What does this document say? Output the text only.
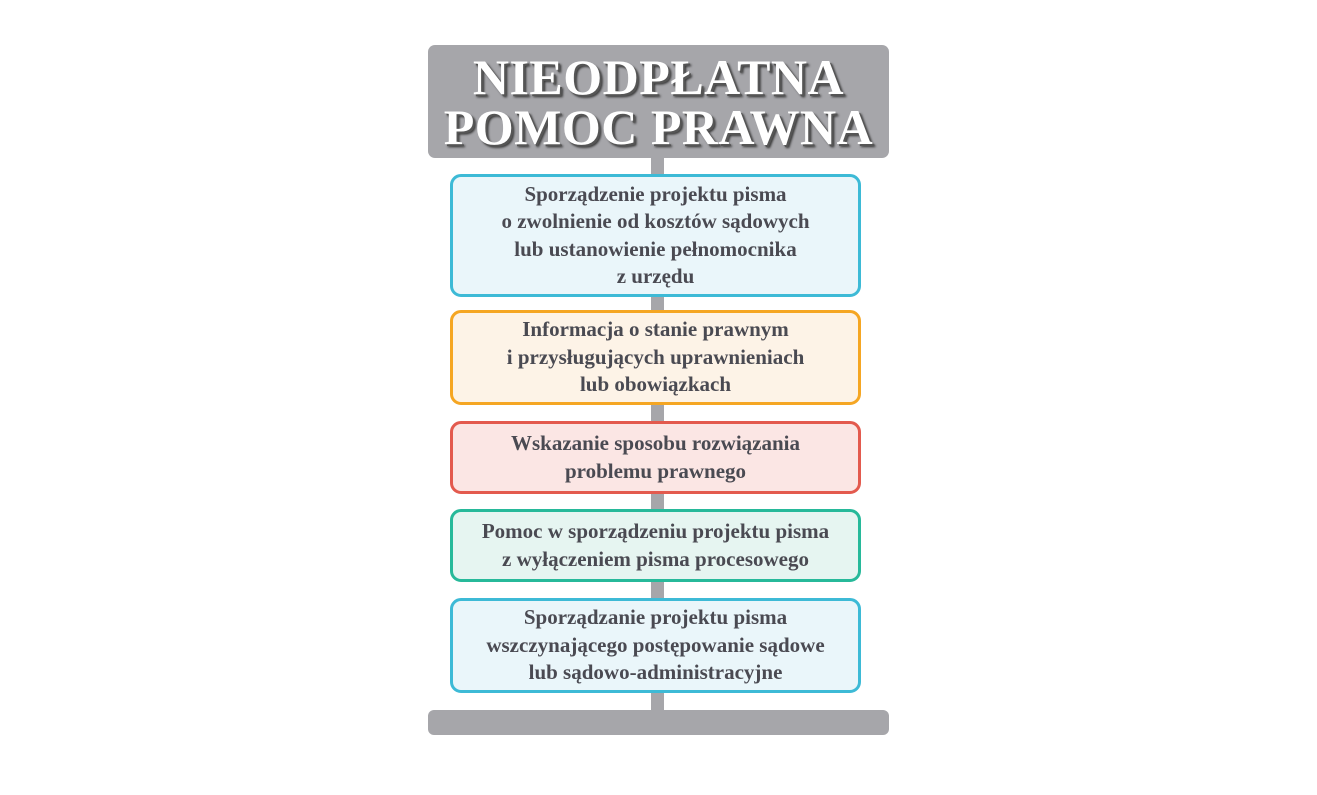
NIEODPŁATNA
POMOC PRAWNA
Sporządzenie projektu pisma
o zwolnienie od kosztów sądowych
lub ustanowienie pełnomocnika
z urzędu
Informacja o stanie prawnym
i przysługujących uprawnieniach
lub obowiązkach
Wskazanie sposobu rozwiązania
problemu prawnego
Pomoc w sporządzeniu projektu pisma
z wyłączeniem pisma procesowego
Sporządzanie projektu pisma
wszczynającego postępowanie sądowe
lub sądowo-administracyjne
